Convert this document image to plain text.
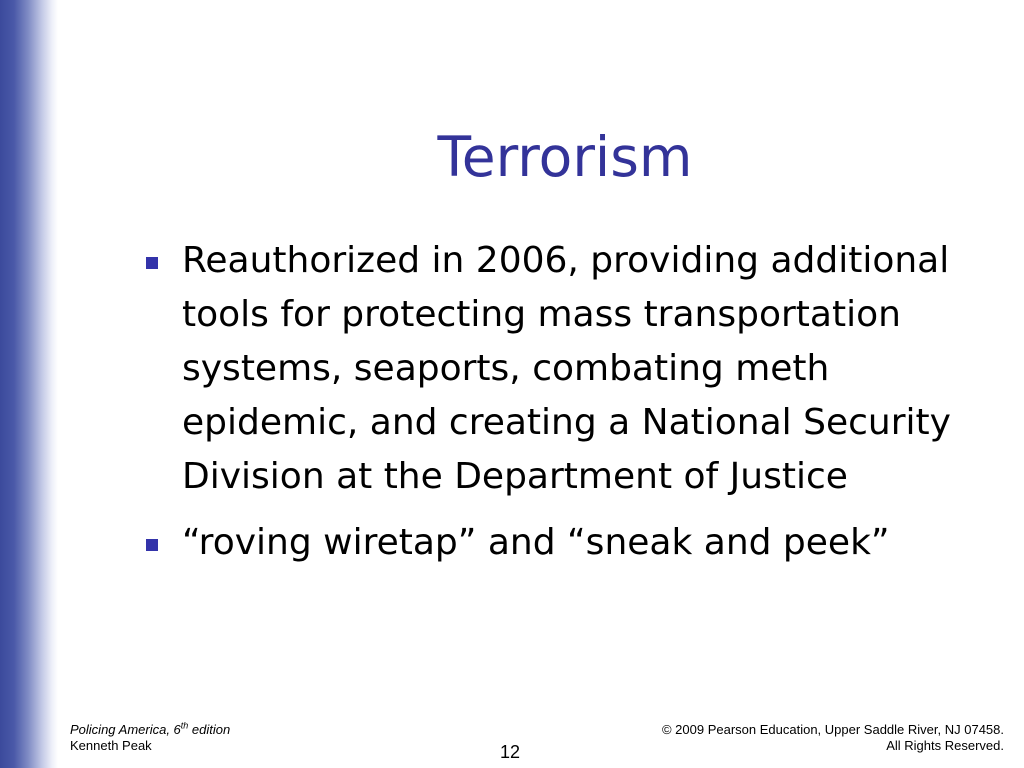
Terrorism
Reauthorized in 2006, providing additional tools for protecting mass transportation systems, seaports, combating meth epidemic, and creating a National Security Division at the Department of Justice
“roving wiretap” and “sneak and peek”
Policing America, 6th edition
Kenneth Peak	12
© 2009 Pearson Education, Upper Saddle River, NJ 07458.
All Rights Reserved.
